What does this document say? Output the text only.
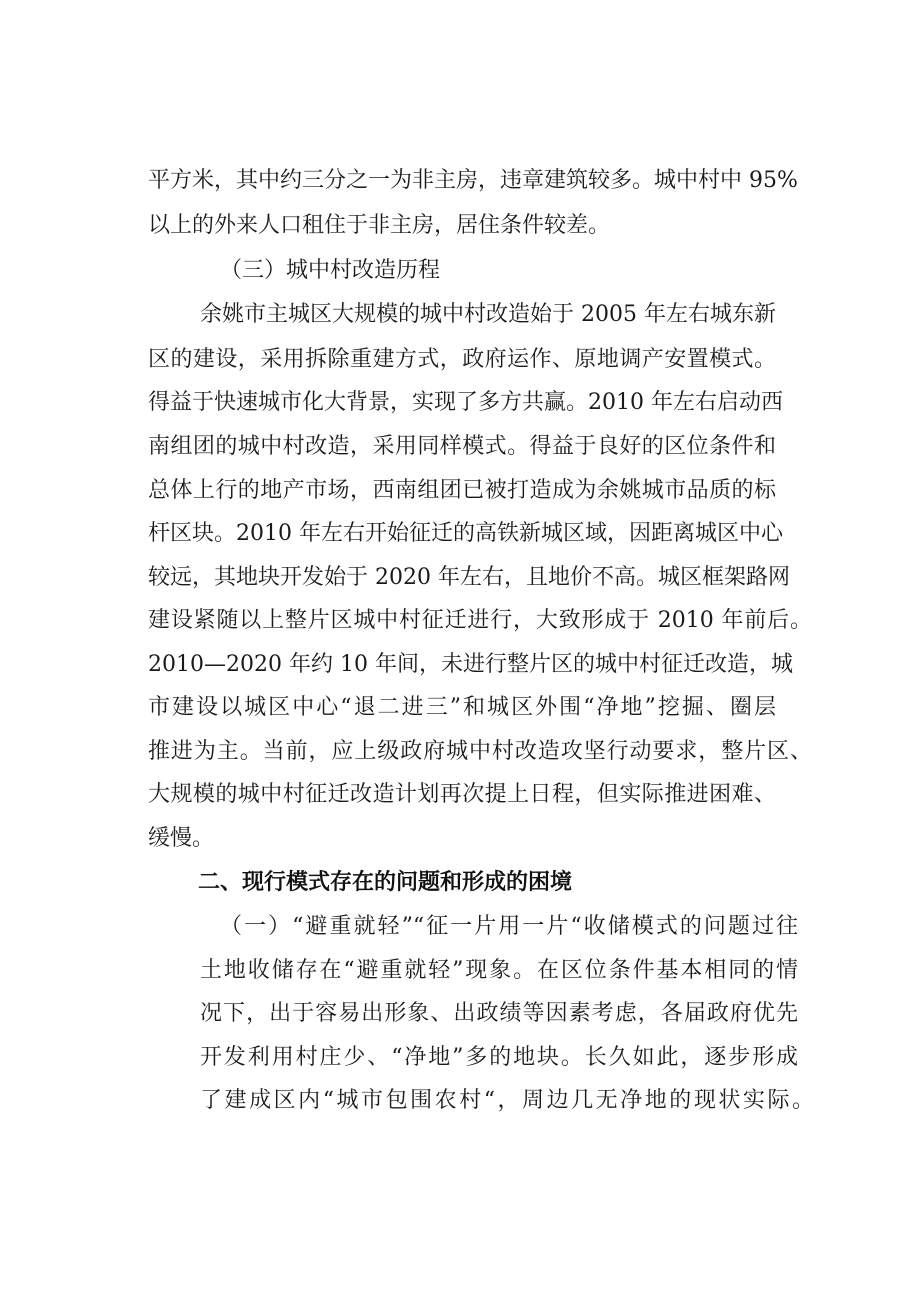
平方米，其中约三分之一为非主房，违章建筑较多。城中村中 95%
以上的外来人口租住于非主房，居住条件较差。
（三）城中村改造历程
余姚市主城区大规模的城中村改造始于 2005 年左右城东新
区的建设，采用拆除重建方式，政府运作、原地调产安置模式。
得益于快速城市化大背景，实现了多方共赢。2010 年左右启动西
南组团的城中村改造，采用同样模式。得益于良好的区位条件和
总体上行的地产市场，西南组团已被打造成为余姚城市品质的标
杆区块。2010 年左右开始征迁的高铁新城区域，因距离城区中心
较远，其地块开发始于 2020 年左右，且地价不高。城区框架路网
建设紧随以上整片区城中村征迁进行，大致形成于 2010 年前后。
2010—2020 年约 10 年间，未进行整片区的城中村征迁改造，城
市建设以城区中心“退二进三”和城区外围“净地”挖掘、圈层
推进为主。当前，应上级政府城中村改造攻坚行动要求，整片区、
大规模的城中村征迁改造计划再次提上日程，但实际推进困难、
缓慢。
二、现行模式存在的问题和形成的困境
（一）“避重就轻”“征一片用一片“收储模式的问题过往
土地收储存在“避重就轻”现象。在区位条件基本相同的情
况下，出于容易出形象、出政绩等因素考虑，各届政府优先
开发利用村庄少、“净地”多的地块。长久如此，逐步形成
了建成区内“城市包围农村“，周边几无净地的现状实际。
